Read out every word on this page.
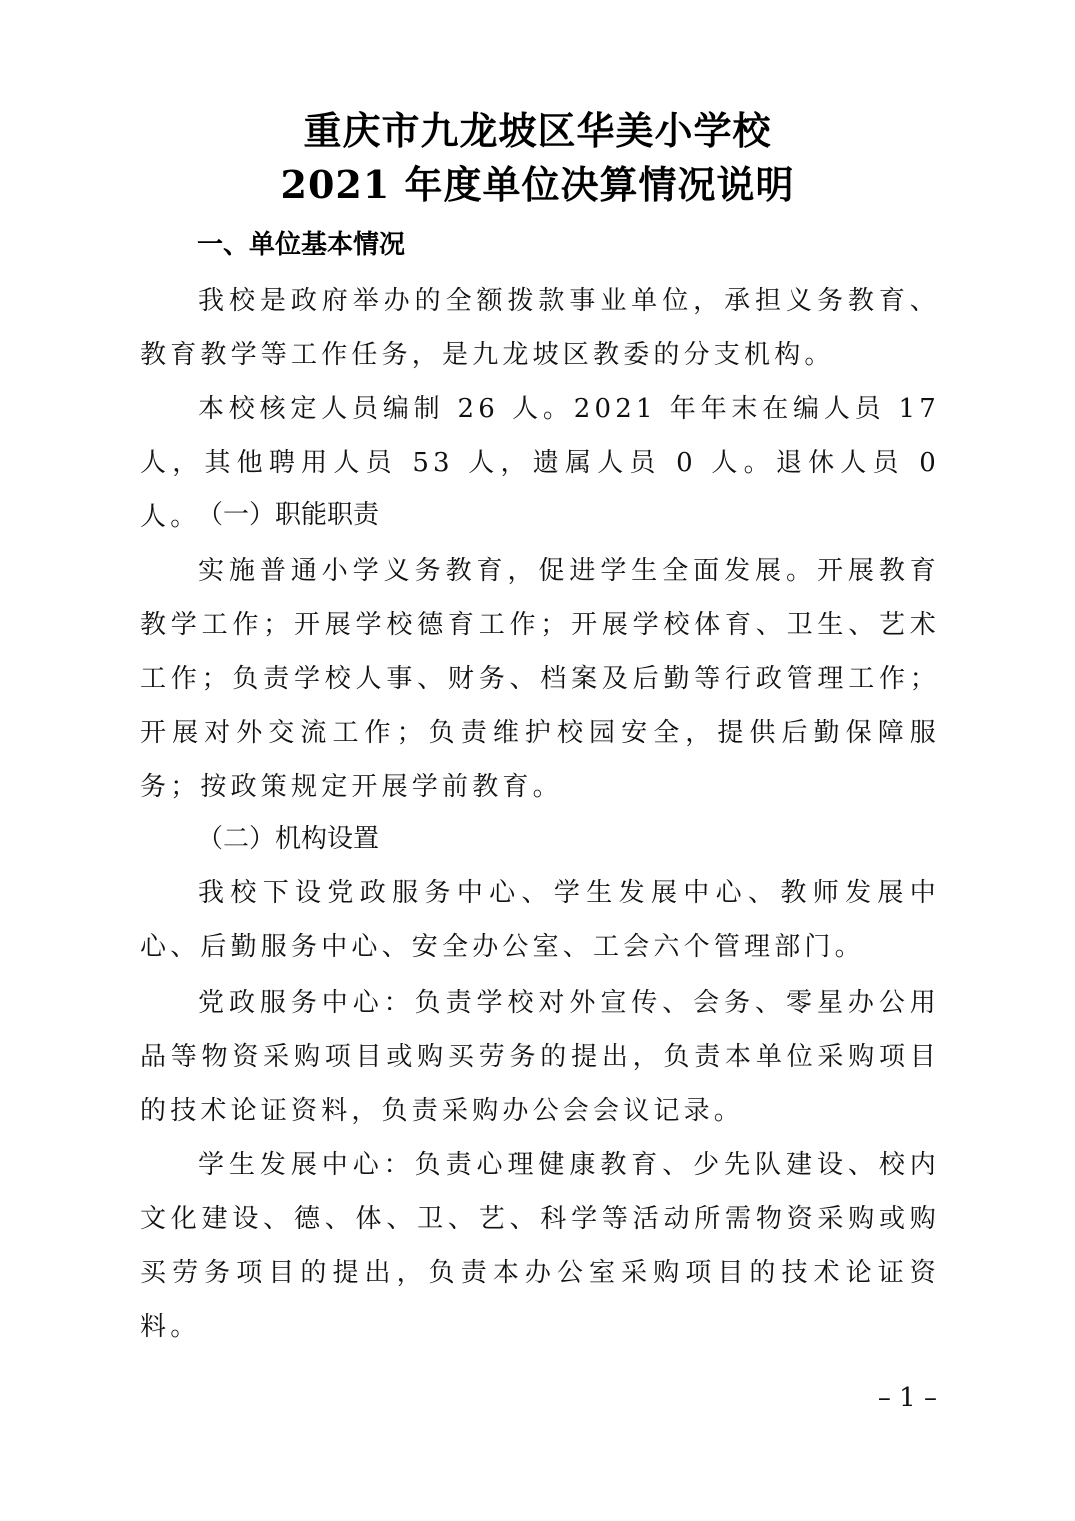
重庆市九龙坡区华美小学校
2021 年度单位决算情况说明
一、单位基本情况

我校是政府举办的全额拨款事业单位，承担义务教育、教育教学等工作任务，是九龙坡区教委的分支机构。

本校核定人员编制 26 人。2021 年年末在编人员 17 人，其他聘用人员 53 人，遗属人员 0 人。退休人员 0 人。

（一）职能职责

实施普通小学义务教育，促进学生全面发展。开展教育教学工作；开展学校德育工作；开展学校体育、卫生、艺术工作；负责学校人事、财务、档案及后勤等行政管理工作；开展对外交流工作；负责维护校园安全，提供后勤保障服务；按政策规定开展学前教育。

（二）机构设置

我校下设党政服务中心、学生发展中心、教师发展中心、后勤服务中心、安全办公室、工会六个管理部门。

党政服务中心：负责学校对外宣传、会务、零星办公用品等物资采购项目或购买劳务的提出，负责本单位采购项目的技术论证资料，负责采购办公会会议记录。

学生发展中心：负责心理健康教育、少先队建设、校内文化建设、德、体、卫、艺、科学等活动所需物资采购或购买劳务项目的提出，负责本办公室采购项目的技术论证资料。

– 1 –
